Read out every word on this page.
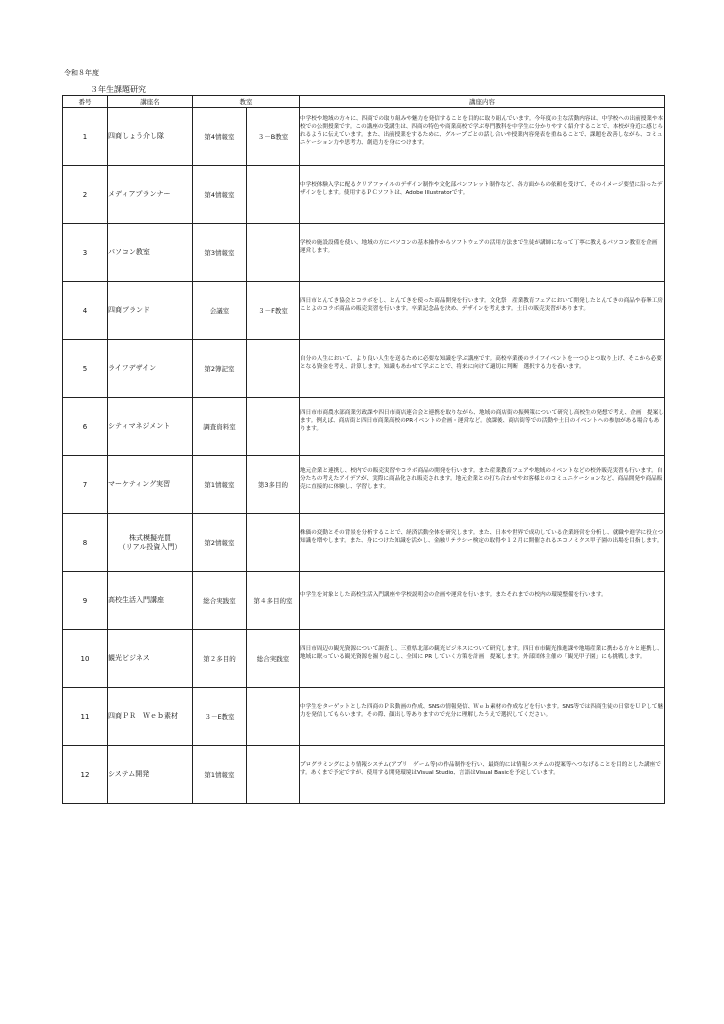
令和８年度
３年生課題研究
番号	講座名	教室		講座内容
1	四商しょう介し隊	第4情報室	３－B教室	中学校や地域の方々に、四商での取り組みや魅力を発信することを目的に取り組んでいます。今年度の主な活動内容は、中学校への出前授業や本校での公開授業です。この講座の受講生は、四商の特色や商業高校で学ぶ専門教科を中学生に分かりやすく紹介することで、本校が身近に感じられるように伝えています。また、出前授業をするために、グループごとの話し合いや授業内容発表を重ねることで、課題を改善しながら、コミュニケーション力や思考力、創造力を身につけます。

2	メディアプランナー	第4情報室		中学校体験入学に配るクリアファイルのデザイン制作や文化部パンフレット制作など、各方面からの依頼を受けて、そのイメージ要望に沿ったデザインをします。使用するＰＣソフトは、Adobe Illustratorです。

3	パソコン教室	第3情報室		学校の施設設備を使い、地域の方にパソコンの基本操作からソフトウェアの活用方法まで生徒が講師になって丁寧に教えるパソコン教室を企画　運営します。

4	四商ブランド	会議室	３－F教室	四日市とんてき協会とコラボをし、とんてきを使った商品開発を行います。文化祭　産業教育フェアにおいて開発したとんてきの商品や春峯工房ことよのコラボ商品の販売実習を行います。卒業記念品を決め、デザインを考えます。土日の販売実習があります。

5	ライフデザイン	第2簿記室		自分の人生において、より良い人生を送るために必要な知識を学ぶ講座です。高校卒業後のライフイベントを一つひとつ取り上げ、そこから必要となる資金を考え、計算します。知識もあわせて学ぶことで、将来に向けて適切に判断　選択する力を養います。

6	シティマネジメント	調査資料室		四日市市商農水部商業労政課や四日市商店連合会と連携を取りながら、地域の商店街の振興策について研究し高校生の発想で考え、企画　提案します。例えば、商店街と四日市商業高校のPRイベントの企画・運営など。放課後、商店街等での活動や土日のイベントへの参加がある場合もあります。

7	マーケティング実習	第1情報室	第3多目的	地元企業と連携し、校内での販売実習やコラボ商品の開発を行います。また産業教育フェアや地域のイベントなどの校外販売実習も行います。自分たちの考えたアイデアが、実際に商品化され販売されます。地元企業との打ち合わせやお客様とのコミュニケーションなど、商品開発や商品販売に直接的に体験し、学習します。

8	株式模擬売買
（リアル投資入門）	第2情報室		株価の変動とその背景を分析することで、経済活動全体を研究します。また、日本や世界で成功している企業経営を分析し、就職や進学に役立つ知識を増やします。また、身につけた知識を活かし、金融リテラシー検定の取得や１２月に開催されるエコノミクス甲子園の出場を目指します。

9	高校生活入門講座	総合実践室	第４多目的室	中学生を対象とした高校生活入門講座や学校説明会の企画や運営を行います。またそれまでの校内の環境整備を行います。

10	観光ビジネス	第２多目的	総合実践室	四日市周辺の観光資源について調査し、三重県北部の観光ビジネスについて研究します。四日市市観光推進課や地場産業に携わる方々と連携し、地域に眠っている観光資源を掘り起こし、全国に PR していく方策を計画　提案します。外部団体主催の「観光甲子園」にも挑戦します。

11	四商ＰＲ　Ｗｅｂ素材	３－E教室		中学生をターゲットとした四商のＰＲ動画の作成、SNSの情報発信、Ｗｅｂ素材の作成などを行います。SNS等では四商生徒の日常をＵＰして魅力を発信してもらいます。その際、顔出し等ありますので充分に理解したうえで選択してください。

12	システム開発	第1情報室		プログラミングにより情報システム(アプリ　ゲーム等)の作品制作を行い、最終的には情報システムの提案等へつなげることを目的とした講座です。あくまで予定ですが、使用する開発環境はVisual Studio、言語はVisual Basicを予定しています。
